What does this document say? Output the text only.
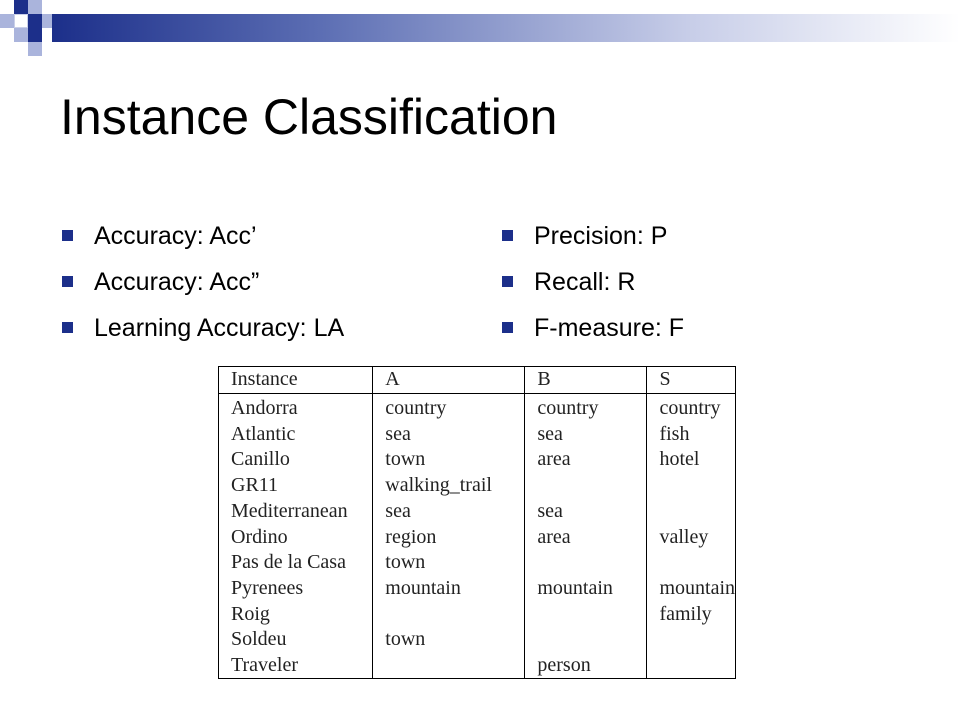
Instance Classification
Accuracy: Acc’
Accuracy: Acc”
Learning Accuracy: LA
Precision: P
Recall: R
F-measure: F
Instance	A	B	S
Andorra	country	country	country
Atlantic	sea	sea	fish
Canillo	town	area	hotel
GR11	walking_trail		
Mediterranean	sea	sea	
Ordino	region	area	valley
Pas de la Casa	town		
Pyrenees	mountain	mountain	mountain
Roig			family
Soldeu	town		
Traveler		person	
